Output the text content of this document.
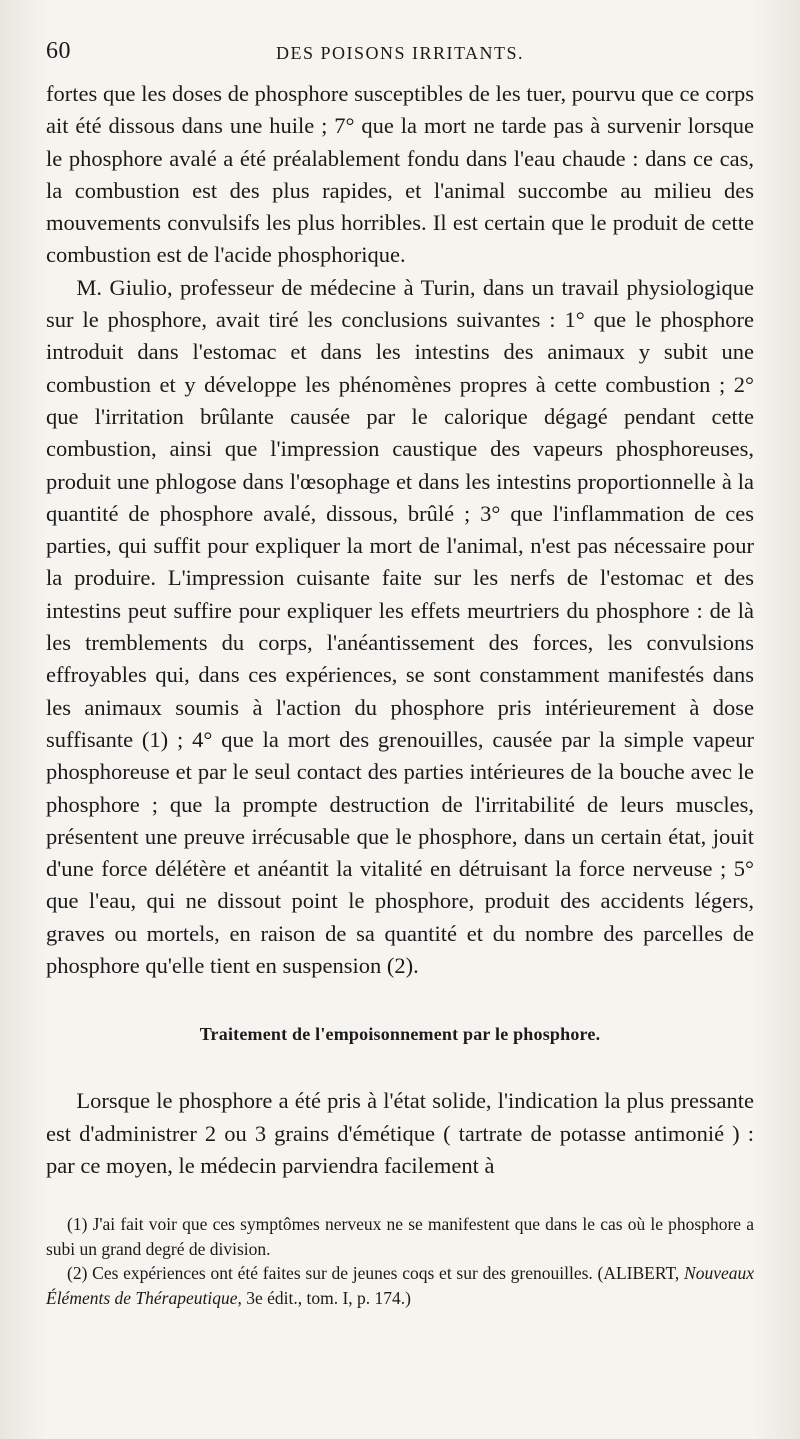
60	DES POISONS IRRITANTS.

fortes que les doses de phosphore susceptibles de les tuer, pourvu que ce corps ait été dissous dans une huile ; 7° que la mort ne tarde pas à survenir lorsque le phosphore avalé a été préalablement fondu dans l'eau chaude : dans ce cas, la combustion est des plus rapides, et l'animal succombe au milieu des mouvements convulsifs les plus horribles. Il est certain que le produit de cette combustion est de l'acide phosphorique.

M. Giulio, professeur de médecine à Turin, dans un travail physiologique sur le phosphore, avait tiré les conclusions suivantes : 1° que le phosphore introduit dans l'estomac et dans les intestins des animaux y subit une combustion et y développe les phénomènes propres à cette combustion ; 2° que l'irritation brûlante causée par le calorique dégagé pendant cette combustion, ainsi que l'impression caustique des vapeurs phosphoreuses, produit une phlogose dans l'œsophage et dans les intestins proportionnelle à la quantité de phosphore avalé, dissous, brûlé ; 3° que l'inflammation de ces parties, qui suffit pour expliquer la mort de l'animal, n'est pas nécessaire pour la produire. L'impression cuisante faite sur les nerfs de l'estomac et des intestins peut suffire pour expliquer les effets meurtriers du phosphore : de là les tremblements du corps, l'anéantissement des forces, les convulsions effroyables qui, dans ces expériences, se sont constamment manifestés dans les animaux soumis à l'action du phosphore pris intérieurement à dose suffisante (1) ; 4° que la mort des grenouilles, causée par la simple vapeur phosphoreuse et par le seul contact des parties intérieures de la bouche avec le phosphore ; que la prompte destruction de l'irritabilité de leurs muscles, présentent une preuve irrécusable que le phosphore, dans un certain état, jouit d'une force délétère et anéantit la vitalité en détruisant la force nerveuse ; 5° que l'eau, qui ne dissout point le phosphore, produit des accidents légers, graves ou mortels, en raison de sa quantité et du nombre des parcelles de phosphore qu'elle tient en suspension (2).

Traitement de l'empoisonnement par le phosphore.

Lorsque le phosphore a été pris à l'état solide, l'indication la plus pressante est d'administrer 2 ou 3 grains d'émétique ( tartrate de potasse antimonié ) : par ce moyen, le médecin parviendra facilement à

(1) J'ai fait voir que ces symptômes nerveux ne se manifestent que dans le cas où le phosphore a subi un grand degré de division.

(2) Ces expériences ont été faites sur de jeunes coqs et sur des grenouilles. (ALIBERT, Nouveaux Éléments de Thérapeutique, 3e édit., tom. I, p. 174.)
